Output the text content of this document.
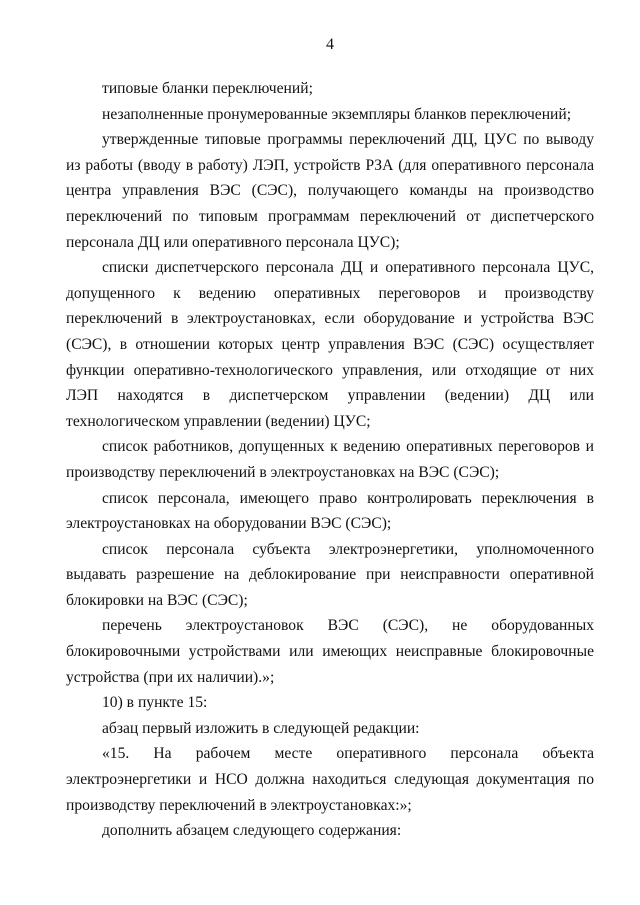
4

типовые бланки переключений;

незаполненные пронумерованные экземпляры бланков переключений;

утвержденные типовые программы переключений ДЦ, ЦУС по выводу из работы (вводу в работу) ЛЭП, устройств РЗА (для оперативного персонала центра управления ВЭС (СЭС), получающего команды на производство переключений по типовым программам переключений от диспетчерского персонала ДЦ или оперативного персонала ЦУС);

списки диспетчерского персонала ДЦ и оперативного персонала ЦУС, допущенного к ведению оперативных переговоров и производству переключений в электроустановках, если оборудование и устройства ВЭС (СЭС), в отношении которых центр управления ВЭС (СЭС) осуществляет функции оперативно-технологического управления, или отходящие от них ЛЭП находятся в диспетчерском управлении (ведении) ДЦ или технологическом управлении (ведении) ЦУС;

список работников, допущенных к ведению оперативных переговоров и производству переключений в электроустановках на ВЭС (СЭС);

список персонала, имеющего право контролировать переключения в электроустановках на оборудовании ВЭС (СЭС);

список персонала субъекта электроэнергетики, уполномоченного выдавать разрешение на деблокирование при неисправности оперативной блокировки на ВЭС (СЭС);

перечень электроустановок ВЭС (СЭС), не оборудованных блокировочными устройствами или имеющих неисправные блокировочные устройства (при их наличии).»;

10) в пункте 15:

абзац первый изложить в следующей редакции:

«15. На рабочем месте оперативного персонала объекта электроэнергетики и НСО должна находиться следующая документация по производству переключений в электроустановках:»;

дополнить абзацем следующего содержания:
